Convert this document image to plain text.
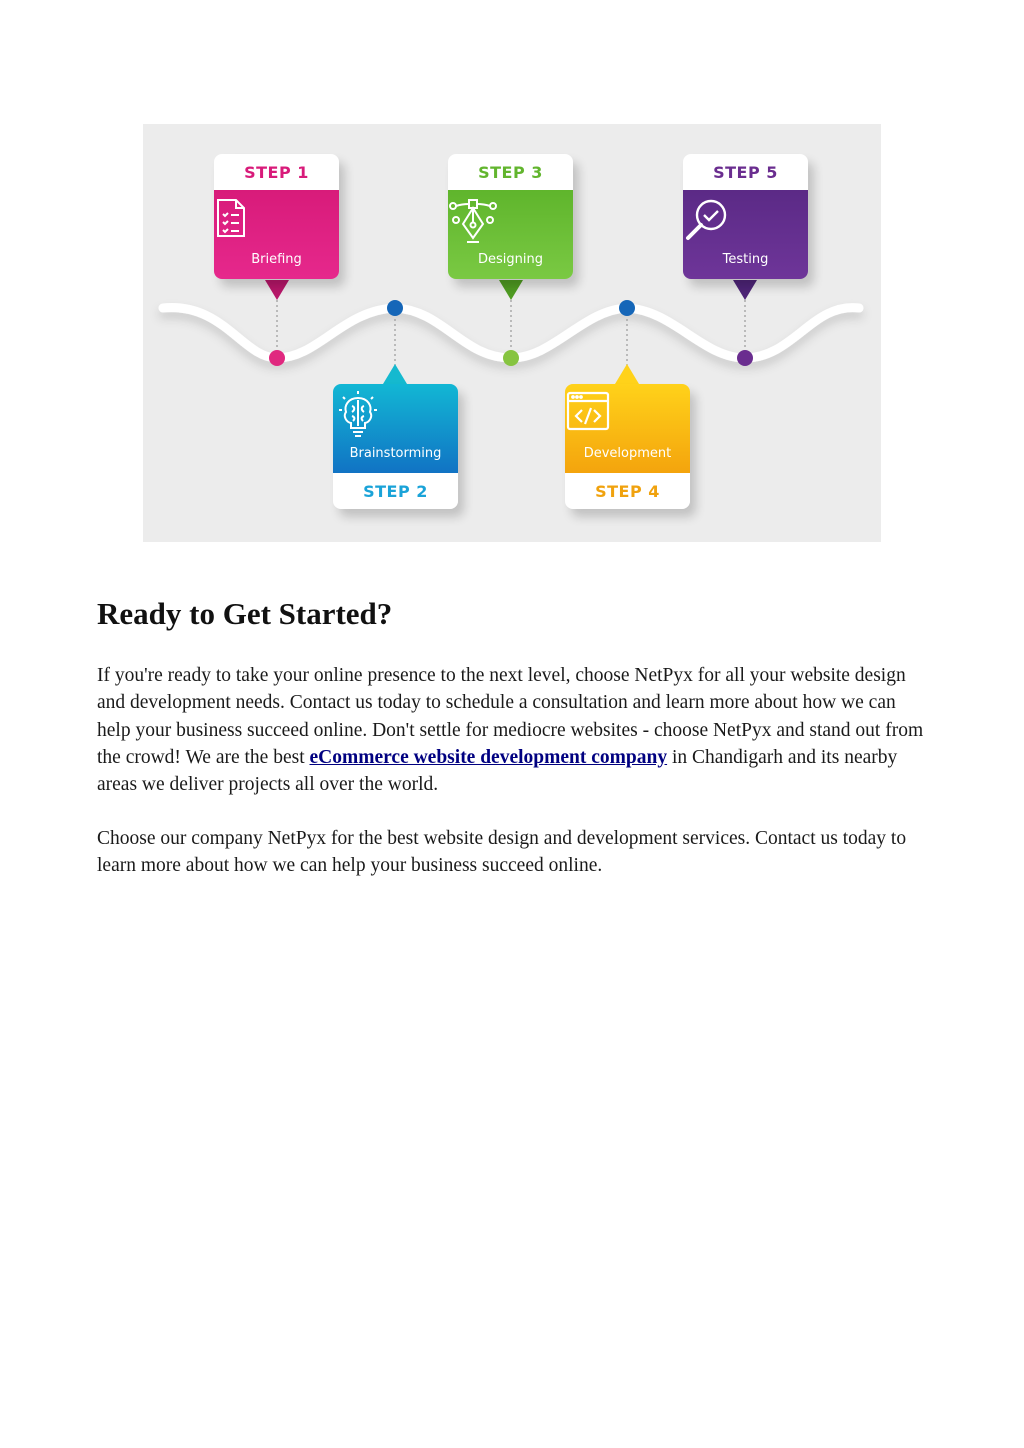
STEP 1
Briefing
STEP 3
Designing
STEP 5
Testing
Brainstorming
STEP 2
Development
STEP 4
Ready to Get Started?

If you're ready to take your online presence to the next level, choose NetPyx for all your website design and development needs. Contact us today to schedule a consultation and learn more about how we can help your business succeed online. Don't settle for mediocre websites - choose NetPyx and stand out from the crowd! We are the best eCommerce website development company in Chandigarh and its nearby areas we deliver projects all over the world.

Choose our company NetPyx for the best website design and development services. Contact us today to learn more about how we can help your business succeed online.
